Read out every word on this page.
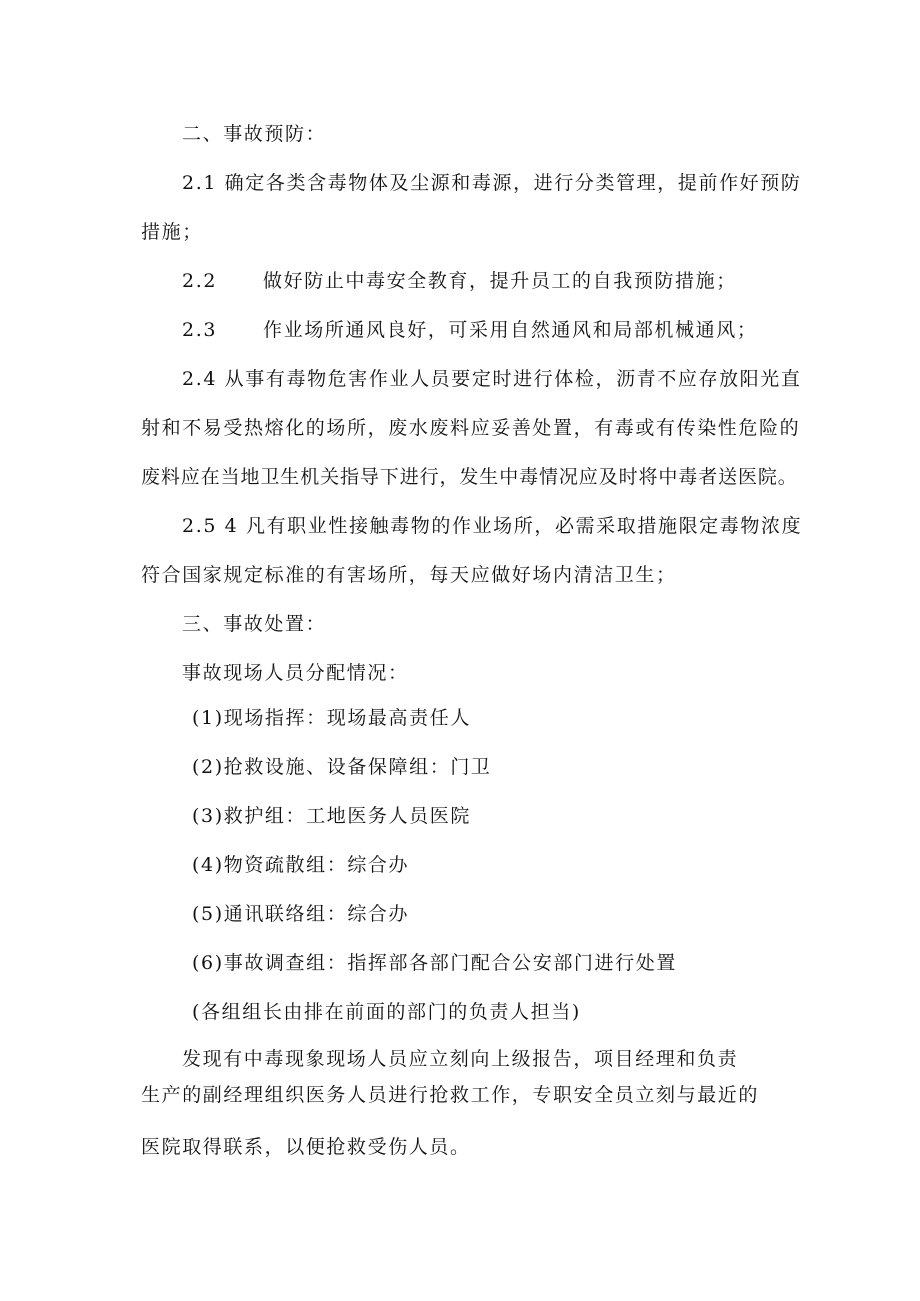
二、事故预防：
2.1 确定各类含毒物体及尘源和毒源，进行分类管理，提前作好预防
措施；
2.2 做好防止中毒安全教育，提升员工的自我预防措施；
2.3 作业场所通风良好，可采用自然通风和局部机械通风；
2.4 从事有毒物危害作业人员要定时进行体检，沥青不应存放阳光直
射和不易受热熔化的场所，废水废料应妥善处置，有毒或有传染性危险的
废料应在当地卫生机关指导下进行，发生中毒情况应及时将中毒者送医院。
2.5 4 凡有职业性接触毒物的作业场所，必需采取措施限定毒物浓度
符合国家规定标准的有害场所，每天应做好场内清洁卫生；
三、事故处置：
事故现场人员分配情况：
(1)现场指挥：现场最高责任人
(2)抢救设施、设备保障组：门卫
(3)救护组：工地医务人员医院
(4)物资疏散组：综合办
(5)通讯联络组：综合办
(6)事故调查组：指挥部各部门配合公安部门进行处置
(各组组长由排在前面的部门的负责人担当)
发现有中毒现象现场人员应立刻向上级报告，项目经理和负责
生产的副经理组织医务人员进行抢救工作，专职安全员立刻与最近的
医院取得联系，以便抢救受伤人员。
